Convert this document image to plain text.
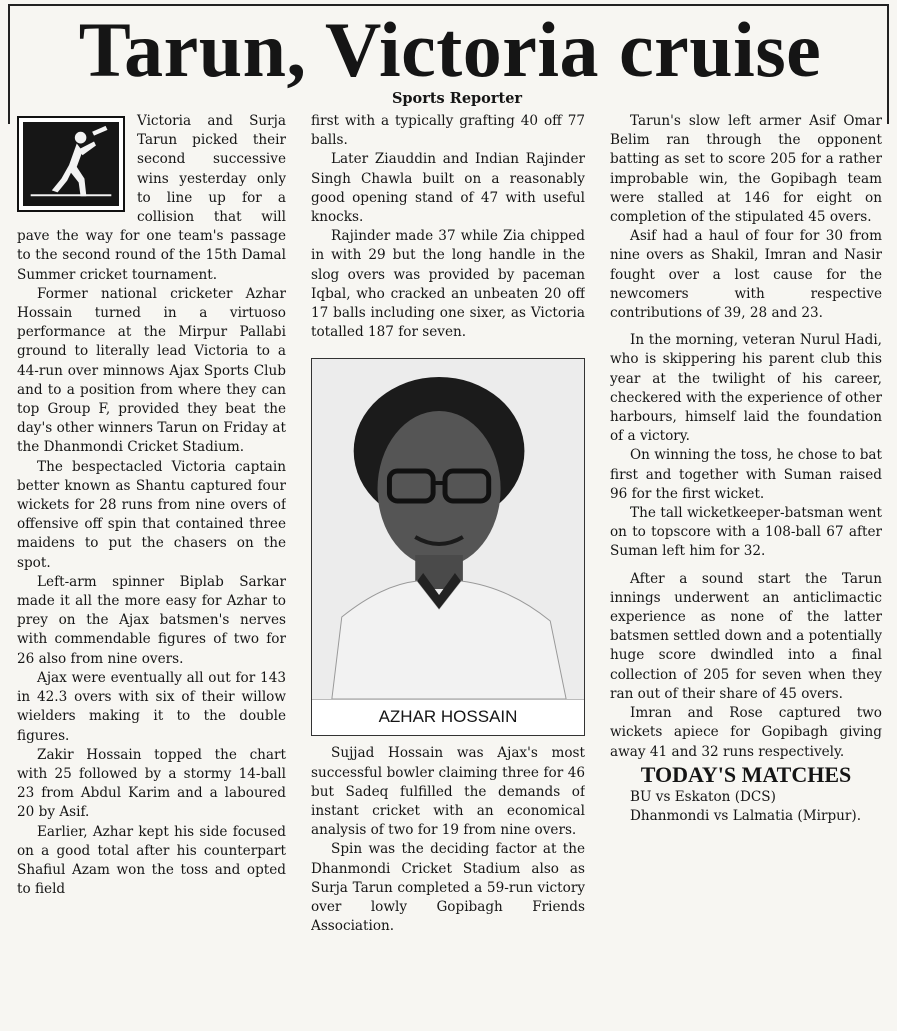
Tarun, Victoria cruise

Sports Reporter

Victoria and Surja Tarun picked their second successive wins yesterday only to line up for a collision that will pave the way for one team's passage to the second round of the 15th Damal Summer cricket tournament.

Former national cricketer Azhar Hossain turned in a virtuoso performance at the Mirpur Pallabi ground to literally lead Victoria to a 44-run over minnows Ajax Sports Club and to a position from where they can top Group F, provided they beat the day's other winners Tarun on Friday at the Dhanmondi Cricket Stadium.

The bespectacled Victoria captain better known as Shantu captured four wickets for 28 runs from nine overs of offensive off spin that contained three maidens to put the chasers on the spot.

Left-arm spinner Biplab Sarkar made it all the more easy for Azhar to prey on the Ajax batsmen's nerves with commendable figures of two for 26 also from nine overs.

Ajax were eventually all out for 143 in 42.3 overs with six of their willow wielders making it to the double figures.

Zakir Hossain topped the chart with 25 followed by a stormy 14-ball 23 from Abdul Karim and a laboured 20 by Asif.

Earlier, Azhar kept his side focused on a good total after his counterpart Shafiul Azam won the toss and opted to field

first with a typically grafting 40 off 77 balls.

Later Ziauddin and Indian Rajinder Singh Chawla built on a reasonably good opening stand of 47 with useful knocks.

Rajinder made 37 while Zia chipped in with 29 but the long handle in the slog overs was provided by paceman Iqbal, who cracked an unbeaten 20 off 17 balls including one sixer, as Victoria totalled 187 for seven.

AZHAR HOSSAIN

Sujjad Hossain was Ajax's most successful bowler claiming three for 46 but Sadeq fulfilled the demands of instant cricket with an economical analysis of two for 19 from nine overs.

Spin was the deciding factor at the Dhanmondi Cricket Stadium also as Surja Tarun completed a 59-run victory over lowly Gopibagh Friends Association.

Tarun's slow left armer Asif Omar Belim ran through the opponent batting as set to score 205 for a rather improbable win, the Gopibagh team were stalled at 146 for eight on completion of the stipulated 45 overs.

Asif had a haul of four for 30 from nine overs as Shakil, Imran and Nasir fought over a lost cause for the newcomers with respective contributions of 39, 28 and 23.

In the morning, veteran Nurul Hadi, who is skippering his parent club this year at the twilight of his career, checkered with the experience of other harbours, himself laid the foundation of a victory.

On winning the toss, he chose to bat first and together with Suman raised 96 for the first wicket.

The tall wicketkeeper-batsman went on to topscore with a 108-ball 67 after Suman left him for 32.

After a sound start the Tarun innings underwent an anticlimactic experience as none of the latter batsmen settled down and a potentially huge score dwindled into a final collection of 205 for seven when they ran out of their share of 45 overs.

Imran and Rose captured two wickets apiece for Gopibagh giving away 41 and 32 runs respectively.

TODAY'S MATCHES

BU vs Eskaton (DCS)

Dhanmondi vs Lalmatia (Mirpur).
